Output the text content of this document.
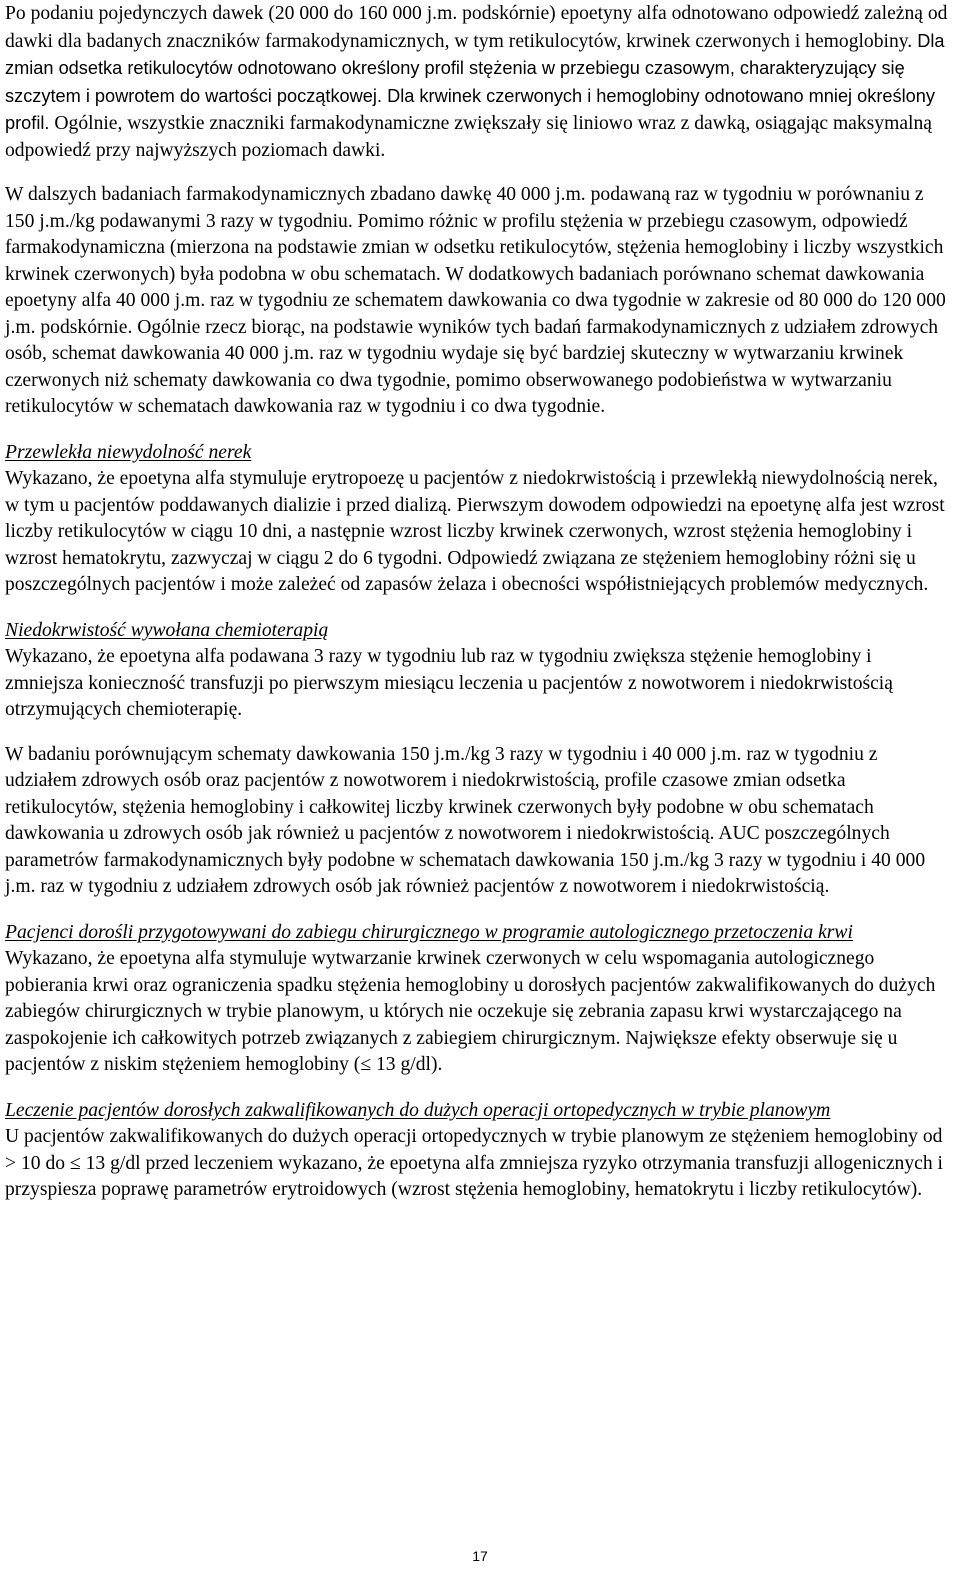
Po podaniu pojedynczych dawek (20 000 do 160 000 j.m. podskórnie) epoetyny alfa odnotowano odpowiedź zależną od dawki dla badanych znaczników farmakodynamicznych, w tym retikulocytów, krwinek czerwonych i hemoglobiny. Dla zmian odsetka retikulocytów odnotowano określony profil stężenia w przebiegu czasowym, charakteryzujący się szczytem i powrotem do wartości początkowej. Dla krwinek czerwonych i hemoglobiny odnotowano mniej określony profil. Ogólnie, wszystkie znaczniki farmakodynamiczne zwiększały się liniowo wraz z dawką, osiągając maksymalną odpowiedź przy najwyższych poziomach dawki.

W dalszych badaniach farmakodynamicznych zbadano dawkę 40 000 j.m. podawaną raz w tygodniu w porównaniu z 150 j.m./kg podawanymi 3 razy w tygodniu. Pomimo różnic w profilu stężenia w przebiegu czasowym, odpowiedź farmakodynamiczna (mierzona na podstawie zmian w odsetku retikulocytów, stężenia hemoglobiny i liczby wszystkich krwinek czerwonych) była podobna w obu schematach. W dodatkowych badaniach porównano schemat dawkowania epoetyny alfa 40 000 j.m. raz w tygodniu ze schematem dawkowania co dwa tygodnie w zakresie od 80 000 do 120 000 j.m. podskórnie. Ogólnie rzecz biorąc, na podstawie wyników tych badań farmakodynamicznych z udziałem zdrowych osób, schemat dawkowania 40 000 j.m. raz w tygodniu wydaje się być bardziej skuteczny w wytwarzaniu krwinek czerwonych niż schematy dawkowania co dwa tygodnie, pomimo obserwowanego podobieństwa w wytwarzaniu retikulocytów w schematach dawkowania raz w tygodniu i co dwa tygodnie.

Przewlekła niewydolność nerek

Wykazano, że epoetyna alfa stymuluje erytropoezę u pacjentów z niedokrwistością i przewlekłą niewydolnością nerek, w tym u pacjentów poddawanych dializie i przed dializą. Pierwszym dowodem odpowiedzi na epoetynę alfa jest wzrost liczby retikulocytów w ciągu 10 dni, a następnie wzrost liczby krwinek czerwonych, wzrost stężenia hemoglobiny i wzrost hematokrytu, zazwyczaj w ciągu 2 do 6 tygodni. Odpowiedź związana ze stężeniem hemoglobiny różni się u poszczególnych pacjentów i może zależeć od zapasów żelaza i obecności współistniejących problemów medycznych.

Niedokrwistość wywołana chemioterapią

Wykazano, że epoetyna alfa podawana 3 razy w tygodniu lub raz w tygodniu zwiększa stężenie hemoglobiny i zmniejsza konieczność transfuzji po pierwszym miesiącu leczenia u pacjentów z nowotworem i niedokrwistością otrzymujących chemioterapię.

W badaniu porównującym schematy dawkowania 150 j.m./kg 3 razy w tygodniu i 40 000 j.m. raz w tygodniu z udziałem zdrowych osób oraz pacjentów z nowotworem i niedokrwistością, profile czasowe zmian odsetka retikulocytów, stężenia hemoglobiny i całkowitej liczby krwinek czerwonych były podobne w obu schematach dawkowania u zdrowych osób jak również u pacjentów z nowotworem i niedokrwistością. AUC poszczególnych parametrów farmakodynamicznych były podobne w schematach dawkowania 150 j.m./kg 3 razy w tygodniu i 40 000 j.m. raz w tygodniu z udziałem zdrowych osób jak również pacjentów z nowotworem i niedokrwistością.

Pacjenci dorośli przygotowywani do zabiegu chirurgicznego w programie autologicznego przetoczenia krwi

Wykazano, że epoetyna alfa stymuluje wytwarzanie krwinek czerwonych w celu wspomagania autologicznego pobierania krwi oraz ograniczenia spadku stężenia hemoglobiny u dorosłych pacjentów zakwalifikowanych do dużych zabiegów chirurgicznych w trybie planowym, u których nie oczekuje się zebrania zapasu krwi wystarczającego na zaspokojenie ich całkowitych potrzeb związanych z zabiegiem chirurgicznym. Największe efekty obserwuje się u pacjentów z niskim stężeniem hemoglobiny (≤ 13 g/dl).

Leczenie pacjentów dorosłych zakwalifikowanych do dużych operacji ortopedycznych w trybie planowym

U pacjentów zakwalifikowanych do dużych operacji ortopedycznych w trybie planowym ze stężeniem hemoglobiny od > 10 do ≤ 13 g/dl przed leczeniem wykazano, że epoetyna alfa zmniejsza ryzyko otrzymania transfuzji allogenicznych i przyspiesza poprawę parametrów erytroidowych (wzrost stężenia hemoglobiny, hematokrytu i liczby retikulocytów).

17
